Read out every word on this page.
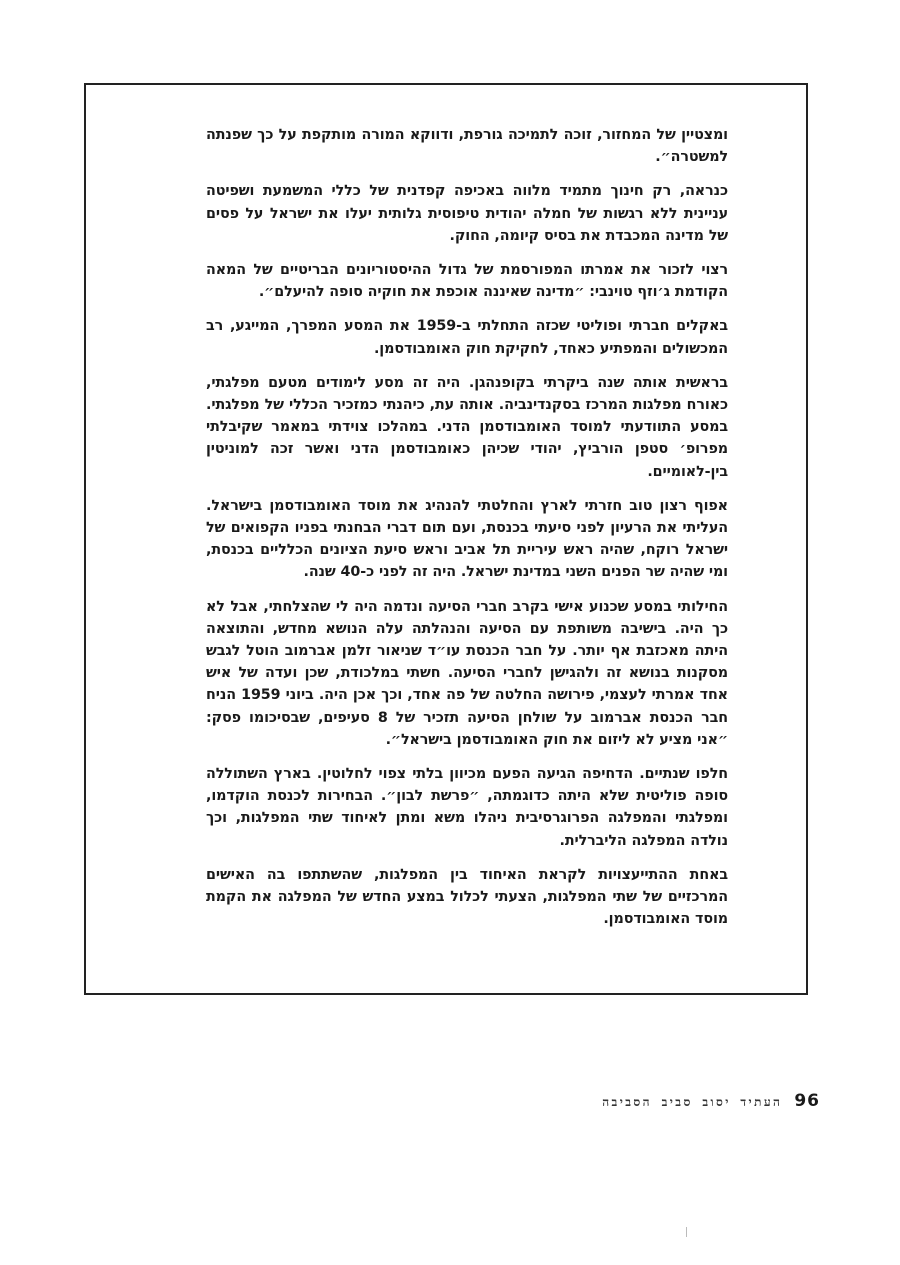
ומצטיין של המחזור, זוכה לתמיכה גורפת, ודווקא המורה מותקפת על כך שפנתה למשטרה״.

כנראה, רק חינוך מתמיד מלווה באכיפה קפדנית של כללי המשמעת ושפיטה עניינית ללא רגשות של חמלה יהודית טיפוסית גלותית יעלו את ישראל על פסים של מדינה המכבדת את בסיס קיומה, החוק.

רצוי לזכור את אמרתו המפורסמת של גדול ההיסטוריונים הבריטיים של המאה הקודמת ג׳וזף טוינבי: ״מדינה שאיננה אוכפת את חוקיה סופה להיעלם״.

באקלים חברתי ופוליטי שכזה התחלתי ב-1959 את המסע המפרך, המייגע, רב המכשולים והמפתיע כאחד, לחקיקת חוק האומבודסמן.

בראשית אותה שנה ביקרתי בקופנהגן. היה זה מסע לימודים מטעם מפלגתי, כאורח מפלגות המרכז בסקנדינביה. אותה עת, כיהנתי כמזכיר הכללי של מפלגתי. במסע התוודעתי למוסד האומבודסמן הדני. במהלכו צוידתי במאמר שקיבלתי מפרופ׳ סטפן הורביץ, יהודי שכיהן כאומבודסמן הדני ואשר זכה למוניטין בין-לאומיים.

אפוף רצון טוב חזרתי לארץ והחלטתי להנהיג את מוסד האומבודסמן בישראל. העליתי את הרעיון לפני סיעתי בכנסת, ועם תום דברי הבחנתי בפניו הקפואים של ישראל רוקח, שהיה ראש עיריית תל אביב וראש סיעת הציונים הכלליים בכנסת, ומי שהיה שר הפנים השני במדינת ישראל. היה זה לפני כ-40 שנה.

החילותי במסע שכנוע אישי בקרב חברי הסיעה ונדמה היה לי שהצלחתי, אבל לא כך היה. בישיבה משותפת עם הסיעה והנהלתה עלה הנושא מחדש, והתוצאה היתה מאכזבת אף יותר. על חבר הכנסת עו״ד שניאור זלמן אברמוב הוטל לגבש מסקנות בנושא זה ולהגישן לחברי הסיעה. חשתי במלכודת, שכן ועדה של איש אחד אמרתי לעצמי, פירושה החלטה של פה אחד, וכך אכן היה. ביוני 1959 הניח חבר הכנסת אברמוב על שולחן הסיעה תזכיר של 8 סעיפים, שבסיכומו פסק: ״אני מציע לא ליזום את חוק האומבודסמן בישראל״.

חלפו שנתיים. הדחיפה הגיעה הפעם מכיוון בלתי צפוי לחלוטין. בארץ השתוללה סופה פוליטית שלא היתה כדוגמתה, ״פרשת לבון״. הבחירות לכנסת הוקדמו, ומפלגתי והמפלגה הפרוגרסיבית ניהלו משא ומתן לאיחוד שתי המפלגות, וכך נולדה המפלגה הליברלית.

באחת ההתייעצויות לקראת האיחוד בין המפלגות, שהשתתפו בה האישים המרכזיים של שתי המפלגות, הצעתי לכלול במצע החדש של המפלגה את הקמת מוסד האומבודסמן.

96העתיד יסוב סביב הסביבה
